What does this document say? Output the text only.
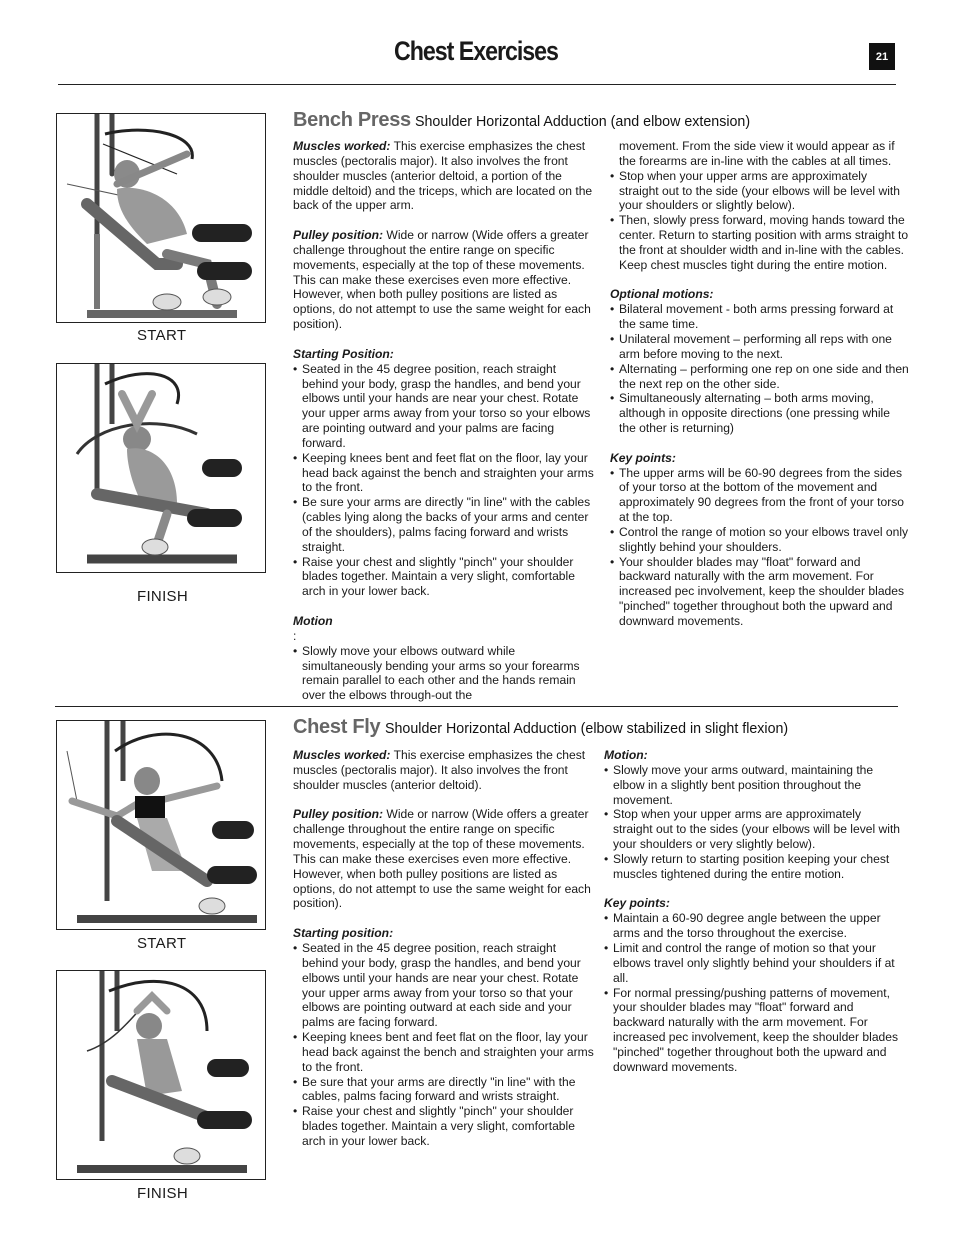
Chest Exercises	21
START
FINISH
Bench Press Shoulder Horizontal Adduction (and elbow extension)

Muscles worked: This exercise emphasizes the chest muscles (pectoralis major). It also involves the front shoulder muscles (anterior deltoid, a portion of the middle deltoid) and the triceps, which are located on the back of the upper arm.

Pulley position: Wide or narrow (Wide offers a greater challenge throughout the entire range on specific movements, especially at the top of these movements. This can make these exercises even more effective. However, when both pulley positions are listed as options, do not attempt to use the same weight for each position).

Starting Position:
• Seated in the 45 degree position, reach straight behind your body, grasp the handles, and bend your elbows until your hands are near your chest. Rotate your upper arms away from your torso so your elbows are pointing outward and your palms are facing forward.
• Keeping knees bent and feet flat on the floor, lay your head back against the bench and straighten your arms to the front.
• Be sure your arms are directly "in line" with the cables (cables lying along the backs of your arms and center of the shoulders), palms facing forward and wrists straight.
• Raise your chest and slightly "pinch" your shoulder blades together. Maintain a very slight, comfortable arch in your lower back.
Motion
:
• Slowly move your elbows outward while simultaneously bending your arms so your forearms remain parallel to each other and the hands remain over the elbows through-out the
movement. From the side view it would appear as if the forearms are in-line with the cables at all times.
• Stop when your upper arms are approximately straight out to the side (your elbows will be level with your shoulders or slightly below).
• Then, slowly press forward, moving hands toward the center. Return to starting position with arms straight to the front at shoulder width and in-line with the cables. Keep chest muscles tight during the entire motion.
Optional motions:
• Bilateral movement - both arms pressing forward at the same time.
• Unilateral movement – performing all reps with one arm before moving to the next.
• Alternating – performing one rep on one side and then the next rep on the other side.
• Simultaneously alternating – both arms moving, although in opposite directions (one pressing while the other is returning)
Key points:
• The upper arms will be 60-90 degrees from the sides of your torso at the bottom of the movement and approximately 90 degrees from the front of your torso at the top.
• Control the range of motion so your elbows travel only slightly behind your shoulders.
• Your shoulder blades may "float" forward and backward naturally with the arm movement. For increased pec involvement, keep the shoulder blades "pinched" together throughout both the upward and downward movements.
START
FINISH
Chest Fly Shoulder Horizontal Adduction (elbow stabilized in slight flexion)

Muscles worked: This exercise emphasizes the chest muscles (pectoralis major). It also involves the front shoulder muscles (anterior deltoid).

Pulley position: Wide or narrow (Wide offers a greater challenge throughout the entire range on specific movements, especially at the top of these movements. This can make these exercises even more effective. However, when both pulley positions are listed as options, do not attempt to use the same weight for each position).

Starting position:
• Seated in the 45 degree position, reach straight behind your body, grasp the handles, and bend your elbows until your hands are near your chest. Rotate your upper arms away from your torso so that your elbows are pointing outward at each side and your palms are facing forward.
• Keeping knees bent and feet flat on the floor, lay your head back against the bench and straighten your arms to the front.
• Be sure that your arms are directly "in line" with the cables, palms facing forward and wrists straight.
• Raise your chest and slightly "pinch" your shoulder blades together. Maintain a very slight, comfortable arch in your lower back.
Motion:
• Slowly move your arms outward, maintaining the elbow in a slightly bent position throughout the movement.
• Stop when your upper arms are approximately straight out to the sides (your elbows will be level with your shoulders or very slightly below).
• Slowly return to starting position keeping your chest muscles tightened during the entire motion.
Key points:
• Maintain a 60-90 degree angle between the upper arms and the torso throughout the exercise.
• Limit and control the range of motion so that your elbows travel only slightly behind your shoulders if at all.
• For normal pressing/pushing patterns of movement, your shoulder blades may "float" forward and backward naturally with the arm movement. For increased pec involvement, keep the shoulder blades "pinched" together throughout both the upward and downward movements.
